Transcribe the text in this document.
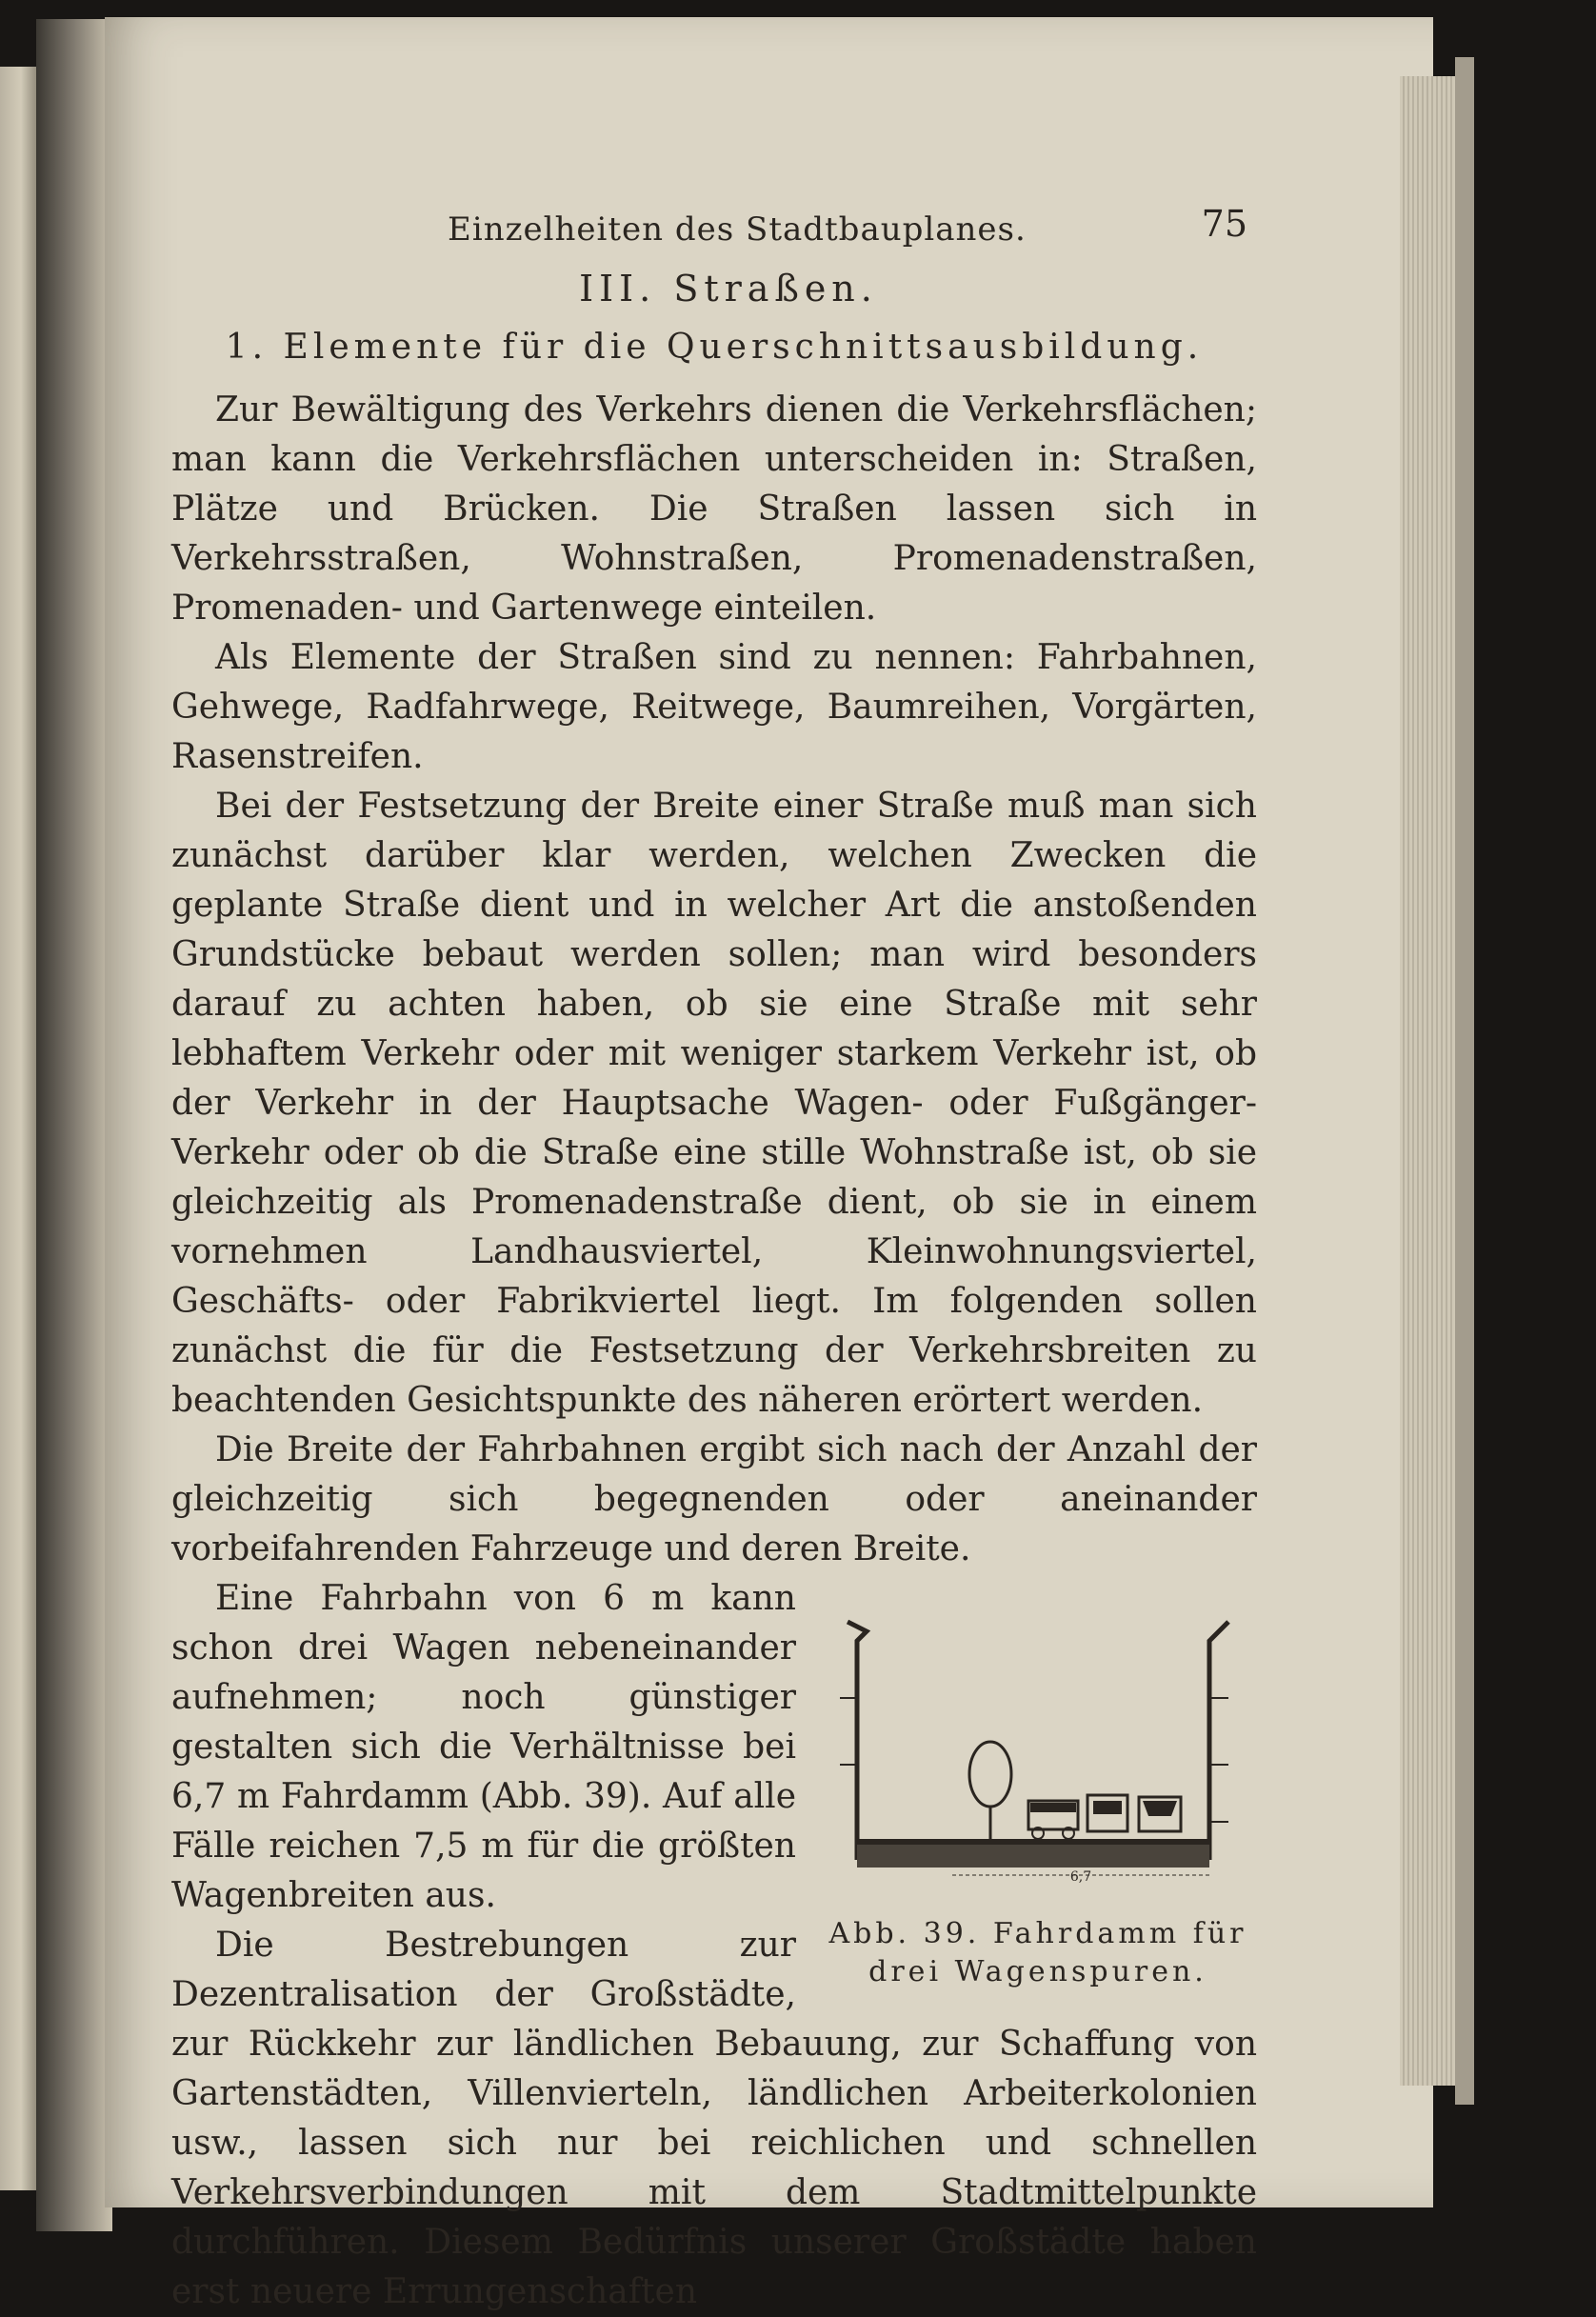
Einzelheiten des Stadtbauplanes.	75
III. Straßen.
1. Elemente für die Querschnittsausbildung.

Zur Bewältigung des Verkehrs dienen die Verkehrsflächen; man kann die Verkehrsflächen unterscheiden in: Straßen, Plätze und Brücken. Die Straßen lassen sich in Verkehrsstraßen, Wohnstraßen, Promenadenstraßen, Promenaden- und Gartenwege einteilen.

Als Elemente der Straßen sind zu nennen: Fahrbahnen, Gehwege, Radfahrwege, Reitwege, Baumreihen, Vorgärten, Rasenstreifen.

Bei der Festsetzung der Breite einer Straße muß man sich zunächst darüber klar werden, welchen Zwecken die geplante Straße dient und in welcher Art die anstoßenden Grundstücke bebaut werden sollen; man wird besonders darauf zu achten haben, ob sie eine Straße mit sehr lebhaftem Verkehr oder mit weniger starkem Verkehr ist, ob der Verkehr in der Hauptsache Wagen- oder Fußgänger-Verkehr oder ob die Straße eine stille Wohnstraße ist, ob sie gleichzeitig als Promenadenstraße dient, ob sie in einem vornehmen Landhausviertel, Kleinwohnungsviertel, Geschäfts- oder Fabrikviertel liegt. Im folgenden sollen zunächst die für die Festsetzung der Verkehrsbreiten zu beachtenden Gesichtspunkte des näheren erörtert werden.

Die Breite der Fahrbahnen ergibt sich nach der Anzahl der gleichzeitig sich begegnenden oder aneinander vorbeifahrenden Fahrzeuge und deren Breite.

6,7
Abb. 39. Fahrdamm für drei Wagenspuren.

Eine Fahrbahn von 6 m kann schon drei Wagen nebeneinander aufnehmen; noch günstiger gestalten sich die Verhältnisse bei 6,7 m Fahrdamm (Abb. 39). Auf alle Fälle reichen 7,5 m für die größten Wagenbreiten aus.

Die Bestrebungen zur Dezentralisation der Großstädte, zur Rückkehr zur ländlichen Bebauung, zur Schaffung von Gartenstädten, Villenvierteln, ländlichen Arbeiterkolonien usw., lassen sich nur bei reichlichen und schnellen Verkehrsverbindungen mit dem Stadtmittelpunkte durchführen. Diesem Bedürfnis unserer Großstädte haben erst neuere Errungenschaften
